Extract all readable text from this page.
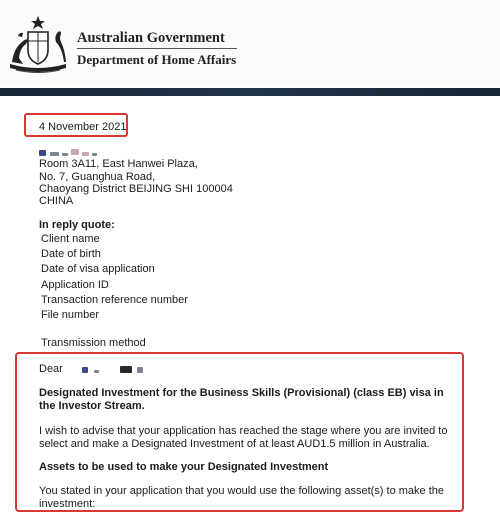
Australian Government
Department of Home Affairs
4 November 2021
Room 3A11, East Hanwei Plaza,
No. 7, Guanghua Road,
Chaoyang District BEIJING SHI 100004
CHINA
In reply quote:
Client name
Date of birth
Date of visa application
Application ID
Transaction reference number
File number
Transmission method
Dear
Designated Investment for the Business Skills (Provisional) (class EB) visa in the Investor Stream.
I wish to advise that your application has reached the stage where you are invited to select and make a Designated Investment of at least AUD1.5 million in Australia.
Assets to be used to make your Designated Investment
You stated in your application that you would use the following asset(s) to make the investment:
